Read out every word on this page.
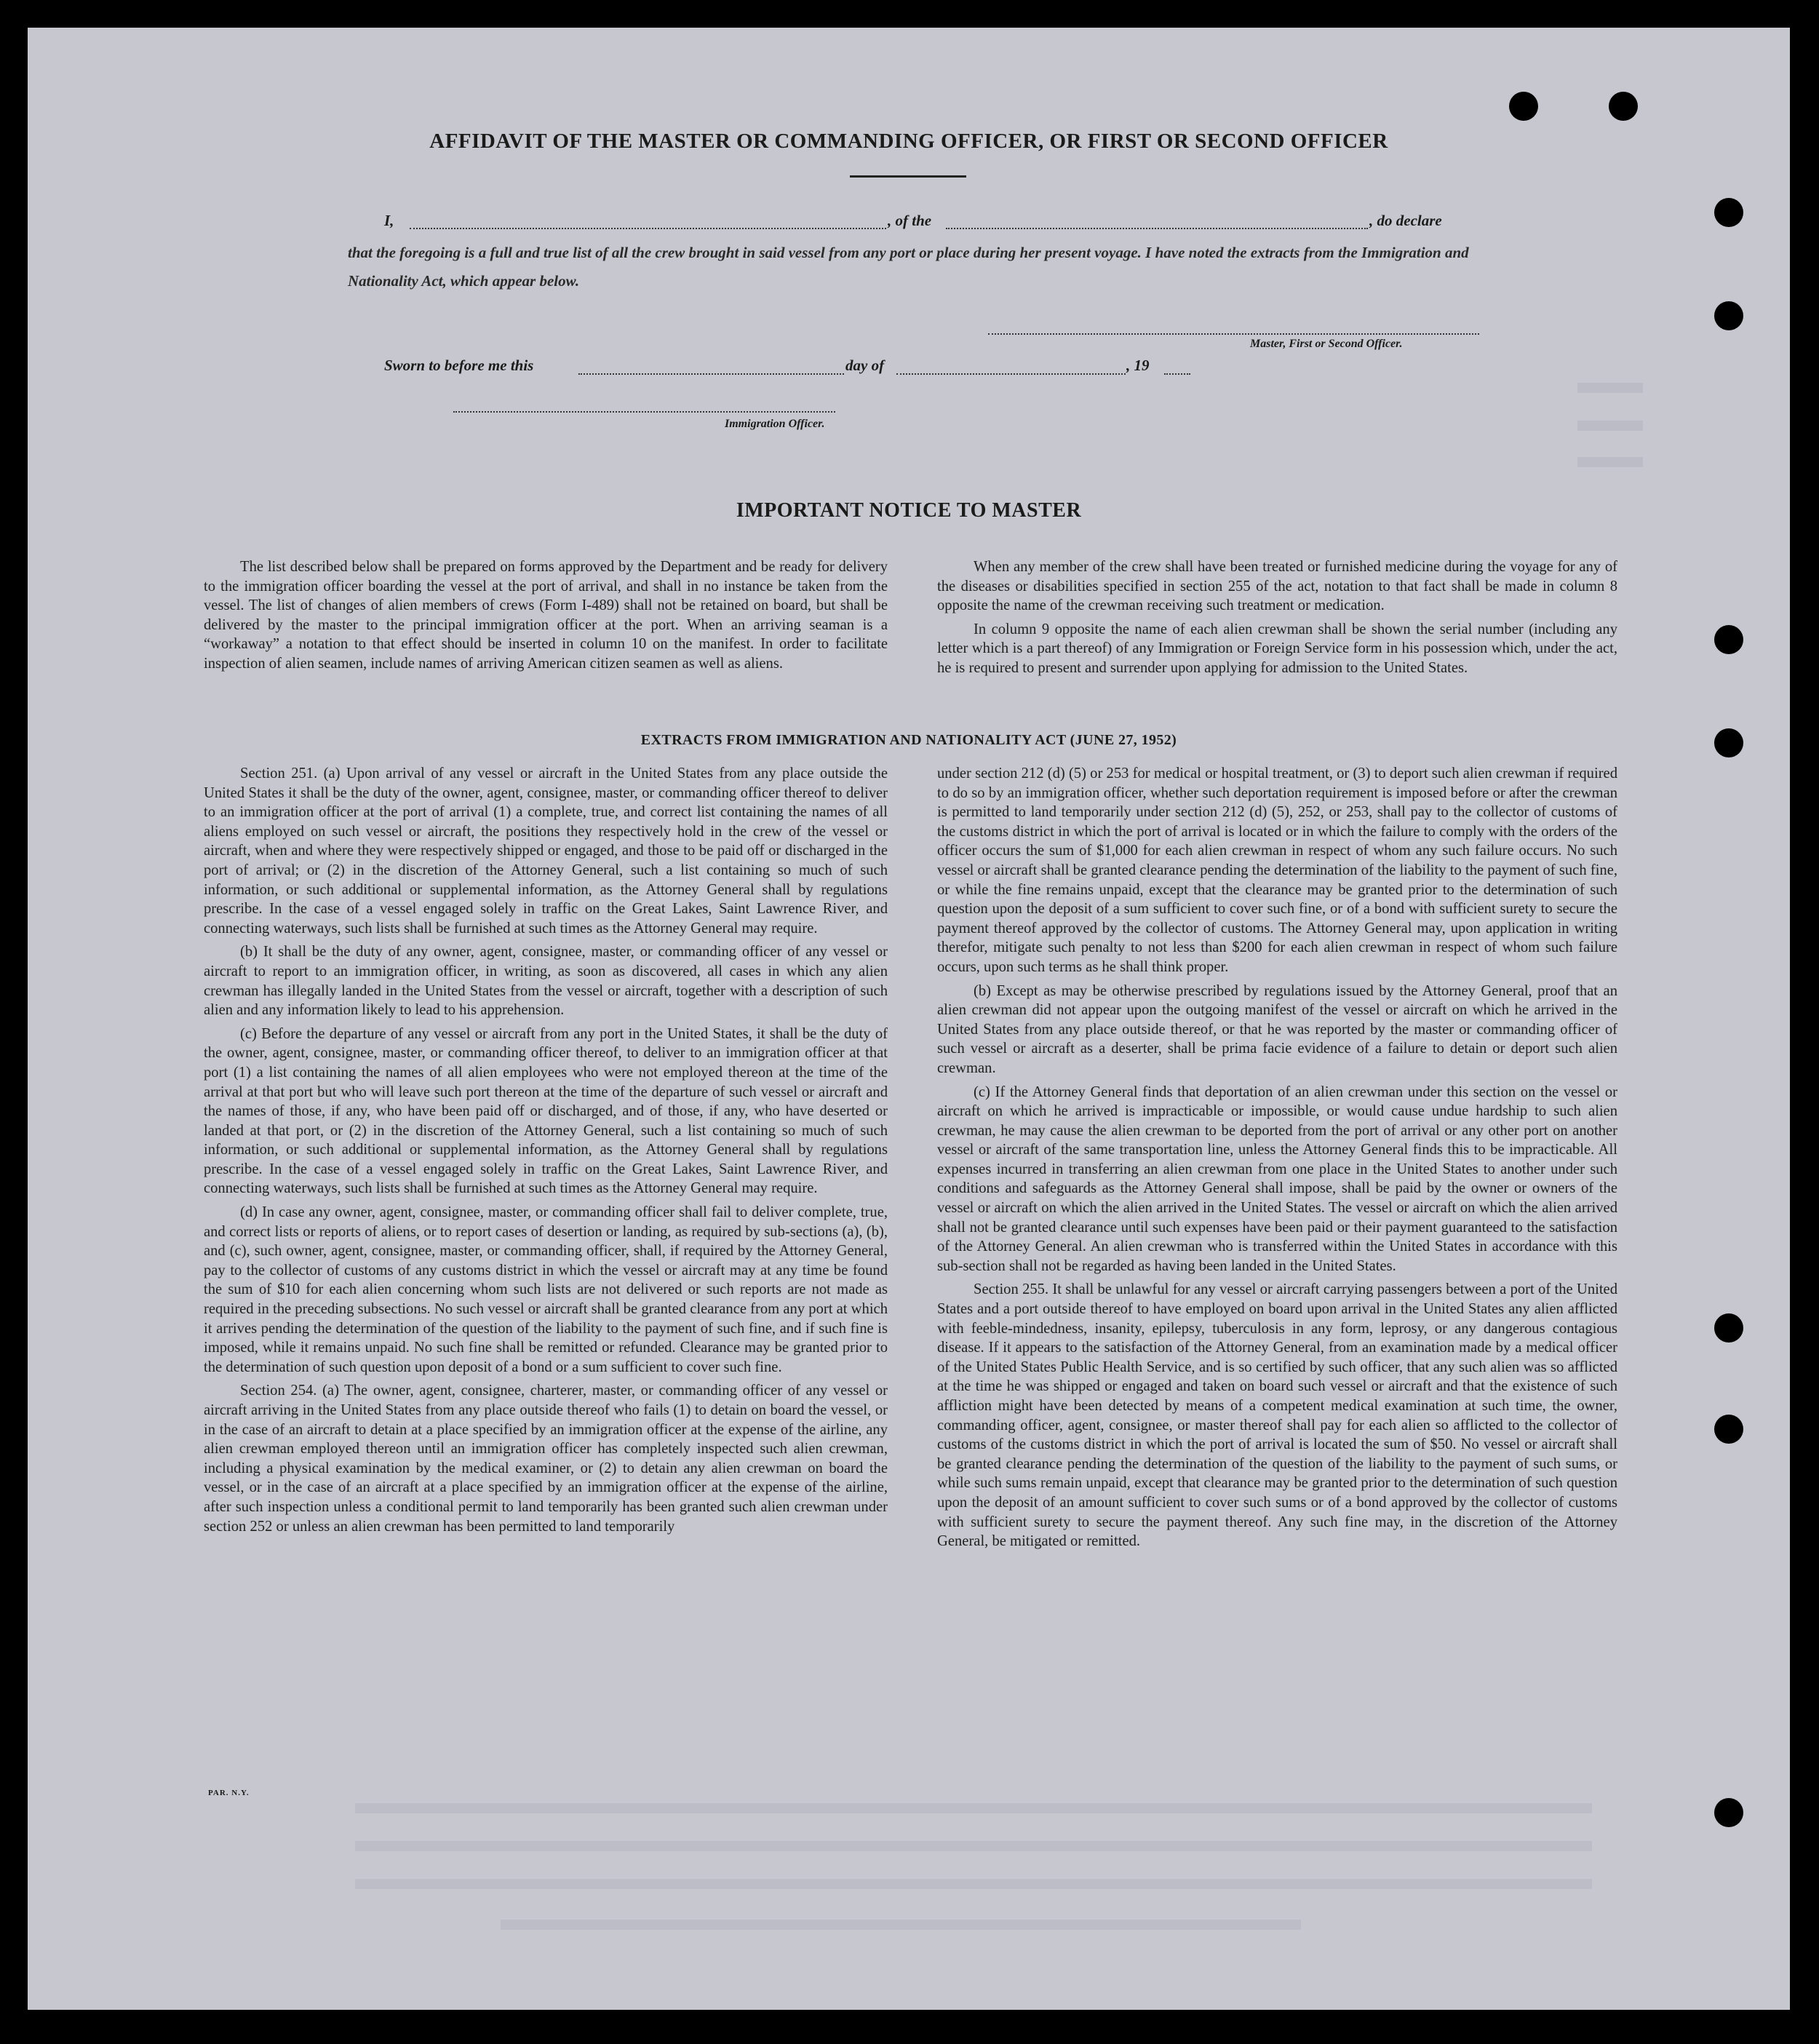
AFFIDAVIT OF THE MASTER OR COMMANDING OFFICER, OR FIRST OR SECOND OFFICER
I,	, of the	, do declare
that the foregoing is a full and true list of all the crew brought in said vessel from any port or place during her present voyage. I have noted the extracts from the Immigration and Nationality Act, which appear below.
Master, First or Second Officer.
Sworn to before me this	day of	, 19
Immigration Officer.
IMPORTANT NOTICE TO MASTER

The list described below shall be prepared on forms approved by the Department and be ready for delivery to the immigration officer boarding the vessel at the port of arrival, and shall in no instance be taken from the vessel. The list of changes of alien members of crews (Form I-489) shall not be retained on board, but shall be delivered by the master to the principal immigration officer at the port. When an arriving seaman is a “workaway” a notation to that effect should be inserted in column 10 on the manifest. In order to facilitate inspection of alien seamen, include names of arriving American citizen seamen as well as aliens.

When any member of the crew shall have been treated or furnished medicine during the voyage for any of the diseases or disabilities specified in section 255 of the act, notation to that fact shall be made in column 8 opposite the name of the crewman receiving such treatment or medication.

In column 9 opposite the name of each alien crewman shall be shown the serial number (including any letter which is a part thereof) of any Immigration or Foreign Service form in his possession which, under the act, he is required to present and surrender upon applying for admission to the United States.

EXTRACTS FROM IMMIGRATION AND NATIONALITY ACT (JUNE 27, 1952)

Section 251. (a) Upon arrival of any vessel or aircraft in the United States from any place outside the United States it shall be the duty of the owner, agent, consignee, master, or commanding officer thereof to deliver to an immigration officer at the port of arrival (1) a complete, true, and correct list containing the names of all aliens employed on such vessel or aircraft, the positions they respectively hold in the crew of the vessel or aircraft, when and where they were respectively shipped or engaged, and those to be paid off or discharged in the port of arrival; or (2) in the discretion of the Attorney General, such a list containing so much of such information, or such additional or supplemental information, as the Attorney General shall by regulations prescribe. In the case of a vessel engaged solely in traffic on the Great Lakes, Saint Lawrence River, and connecting waterways, such lists shall be furnished at such times as the Attorney General may require.

(b) It shall be the duty of any owner, agent, consignee, master, or commanding officer of any vessel or aircraft to report to an immigration officer, in writing, as soon as discovered, all cases in which any alien crewman has illegally landed in the United States from the vessel or aircraft, together with a description of such alien and any information likely to lead to his apprehension.

(c) Before the departure of any vessel or aircraft from any port in the United States, it shall be the duty of the owner, agent, consignee, master, or commanding officer thereof, to deliver to an immigration officer at that port (1) a list containing the names of all alien employees who were not employed thereon at the time of the arrival at that port but who will leave such port thereon at the time of the departure of such vessel or aircraft and the names of those, if any, who have been paid off or discharged, and of those, if any, who have deserted or landed at that port, or (2) in the discretion of the Attorney General, such a list containing so much of such information, or such additional or supplemental information, as the Attorney General shall by regulations prescribe. In the case of a vessel engaged solely in traffic on the Great Lakes, Saint Lawrence River, and connecting waterways, such lists shall be furnished at such times as the Attorney General may require.

(d) In case any owner, agent, consignee, master, or commanding officer shall fail to deliver complete, true, and correct lists or reports of aliens, or to report cases of desertion or landing, as required by sub-sections (a), (b), and (c), such owner, agent, consignee, master, or commanding officer, shall, if required by the Attorney General, pay to the collector of customs of any customs district in which the vessel or aircraft may at any time be found the sum of $10 for each alien concerning whom such lists are not delivered or such reports are not made as required in the preceding subsections. No such vessel or aircraft shall be granted clearance from any port at which it arrives pending the determination of the question of the liability to the payment of such fine, and if such fine is imposed, while it remains unpaid. No such fine shall be remitted or refunded. Clearance may be granted prior to the determination of such question upon deposit of a bond or a sum sufficient to cover such fine.

Section 254. (a) The owner, agent, consignee, charterer, master, or commanding officer of any vessel or aircraft arriving in the United States from any place outside thereof who fails (1) to detain on board the vessel, or in the case of an aircraft to detain at a place specified by an immigration officer at the expense of the airline, any alien crewman employed thereon until an immigration officer has completely inspected such alien crewman, including a physical examination by the medical examiner, or (2) to detain any alien crewman on board the vessel, or in the case of an aircraft at a place specified by an immigration officer at the expense of the airline, after such inspection unless a conditional permit to land temporarily has been granted such alien crewman under section 252 or unless an alien crewman has been permitted to land temporarily

under section 212 (d) (5) or 253 for medical or hospital treatment, or (3) to deport such alien crewman if required to do so by an immigration officer, whether such deportation requirement is imposed before or after the crewman is permitted to land temporarily under section 212 (d) (5), 252, or 253, shall pay to the collector of customs of the customs district in which the port of arrival is located or in which the failure to comply with the orders of the officer occurs the sum of $1,000 for each alien crewman in respect of whom any such failure occurs. No such vessel or aircraft shall be granted clearance pending the determination of the liability to the payment of such fine, or while the fine remains unpaid, except that the clearance may be granted prior to the determination of such question upon the deposit of a sum sufficient to cover such fine, or of a bond with sufficient surety to secure the payment thereof approved by the collector of customs. The Attorney General may, upon application in writing therefor, mitigate such penalty to not less than $200 for each alien crewman in respect of whom such failure occurs, upon such terms as he shall think proper.

(b) Except as may be otherwise prescribed by regulations issued by the Attorney General, proof that an alien crewman did not appear upon the outgoing manifest of the vessel or aircraft on which he arrived in the United States from any place outside thereof, or that he was reported by the master or commanding officer of such vessel or aircraft as a deserter, shall be prima facie evidence of a failure to detain or deport such alien crewman.

(c) If the Attorney General finds that deportation of an alien crewman under this section on the vessel or aircraft on which he arrived is impracticable or impossible, or would cause undue hardship to such alien crewman, he may cause the alien crewman to be deported from the port of arrival or any other port on another vessel or aircraft of the same transportation line, unless the Attorney General finds this to be impracticable. All expenses incurred in transferring an alien crewman from one place in the United States to another under such conditions and safeguards as the Attorney General shall impose, shall be paid by the owner or owners of the vessel or aircraft on which the alien arrived in the United States. The vessel or aircraft on which the alien arrived shall not be granted clearance until such expenses have been paid or their payment guaranteed to the satisfaction of the Attorney General. An alien crewman who is transferred within the United States in accordance with this sub-section shall not be regarded as having been landed in the United States.

Section 255. It shall be unlawful for any vessel or aircraft carrying passengers between a port of the United States and a port outside thereof to have employed on board upon arrival in the United States any alien afflicted with feeble-mindedness, insanity, epilepsy, tuberculosis in any form, leprosy, or any dangerous contagious disease. If it appears to the satisfaction of the Attorney General, from an examination made by a medical officer of the United States Public Health Service, and is so certified by such officer, that any such alien was so afflicted at the time he was shipped or engaged and taken on board such vessel or aircraft and that the existence of such affliction might have been detected by means of a competent medical examination at such time, the owner, commanding officer, agent, consignee, or master thereof shall pay for each alien so afflicted to the collector of customs of the customs district in which the port of arrival is located the sum of $50. No vessel or aircraft shall be granted clearance pending the determination of the question of the liability to the payment of such sums, or while such sums remain unpaid, except that clearance may be granted prior to the determination of such question upon the deposit of an amount sufficient to cover such sums or of a bond approved by the collector of customs with sufficient surety to secure the payment thereof. Any such fine may, in the discretion of the Attorney General, be mitigated or remitted.

PAR. N.Y.
